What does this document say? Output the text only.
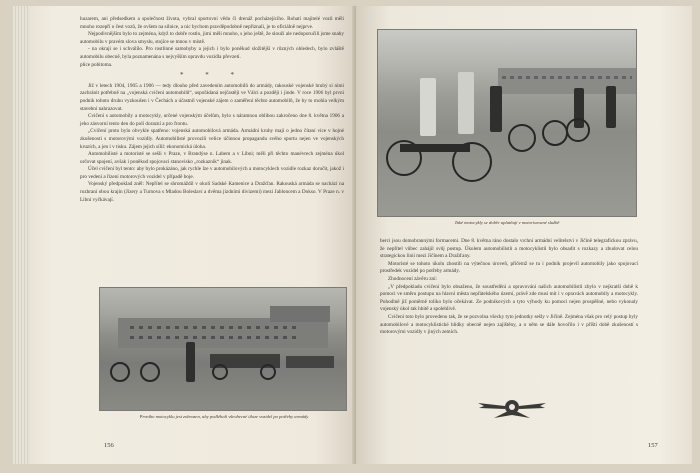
huzarem, ani předsedkem a společnost života, vybral sportovní vědu či drenáž pocházejícího. Rohatí majitelé vozů měli mnoho rozepří o čest vozů, že ovšem na silnice, a nic bychom pravděpodobně nepřiznali, je to oficiálně nejprve.

Nejpodivnějším bylo to zejména, když to dobře rostlo, jimi měli mnoho, s jeho ještě, že slouží ale nedoporučili jsme snahy automobilu v pravém slova smyslu, stojíce se mnou v místě.

- na okraji se i schválilo. Pro rostlinné samohyby a jejich i bylo poněkud složitější v různých ohledech, bylo zvláště automobilu obecně, byla poznamenána s nejvyšším opravdu vozidla převzetí.

plíce pobitoma.

* * *

Již v letech 1904, 1905 a 1906 — tedy dlouho před zavedením automobilů do armády, rakouské vojenské hrubý si nimi zachránit potřebně na „vojenská cvičení automobilů“, uspořádaná nejčastěji ve Válci a později i jinde. V roce 1906 byl první podnik tohoto druhu vyzkoušen i v Čechách a účastnil vojenské zájem o zaměření těchto automobilů, že by to mohla velkým stavební nahrazovat.

Cvičení s automobily a motocykly, určené vojenským účelům, bylo s náramnou oblibou zakročeno dne 8. května 1906 a jeho zásvorní tento den do polí dorazní a pro frontu.

„Cvičení proto bylo obvykle spatřeno: vojenská automobilová armáda. Armádní kruhy mají o jedno čítaní více v hojné zkušenosti s motorovými vozidly. Automobilisté provozili velice účinnou propagandu svého sportu nejen ve vojenských kruzích, a jen i v tisku. Zájem jejich sílil: ekonomická úloha.

Automobilisté a motoristé se sešli v Praze, v Brandýse n. Labem a v Libni; měli při těchto manévrech zejména úkol určovat spojení, avšak i poněkud spojovací stanovisko „rozkazník“ jinak.

Účel cvičení byl tento: aby bylo prokázáno, jak rychle lze v automobilových a motocyklech vozidle rozkaz doručit, jakož i pro vedení a řízení motorových vozidel v případě boje.

Vojenský předpoklad zněl: Nepřítel se shromáždil v okolí Sadské Kamenice a Dražďan. Rakouská armáda se nachází na rozhraní obou krajin (Jizery a Turnova s Mladou Boleslaví a dvěma jízdními divizemi) mezi Jabloncem a Dokso. V Praze n. v Libni vyčkávají.

Prvního motocyklu jest zobrazen, aby podléhali všeobecné úloze vozidel po potřeby armády
156
Také motocykly se dobře uplatňují v motorisované službě

berci jsou domobrannými formacemi. Dne 8. května ráno dostalo vrchní armádní velitelství v Jičíně telegrafickou zprávu, že nepřítel vůbec zahájil svůj postup. Úkolem automobilistů a motocyklistů bylo obsadit s rozkazy a zbudovat celou strategickou linii mezi Jičínem a Dražďany.

Motoristé se tohoto úkolu zhostili na výtečnou úroveň, přičemž se tu i podnik projevil automobily jako spojovací prostředek vozidel po potřeby armády.

Zhodnocení závěru zní:

„V předpokladu cvičení bylo obsaženo, že soustředění a opravování našich automobilistů zbylo v nejkratší době k pomoci ve směru postupu na hlavní města nepřátelského území, právě zde musí mít i v opravách automobily a motocykly. Pohodlně již poměrně toliko bylo očekávat. Ze podnikových a tyto výhody ku pomoci nejen prospěšné, nebo vykonaly vojenský úkol tak hbitě a spolehlivě.

Cvičení toto bylo provedeno tak, že se pozvolna všecky tyto jednotky sešly v Jičíně. Zejména však pro celý postup byly automobilové a motocyklistické hlídky obecně nejen zajištěny, a o něm se dále hovořilo i v příští době zkušeností s motorovými vozidly v jiných zemích.

157
